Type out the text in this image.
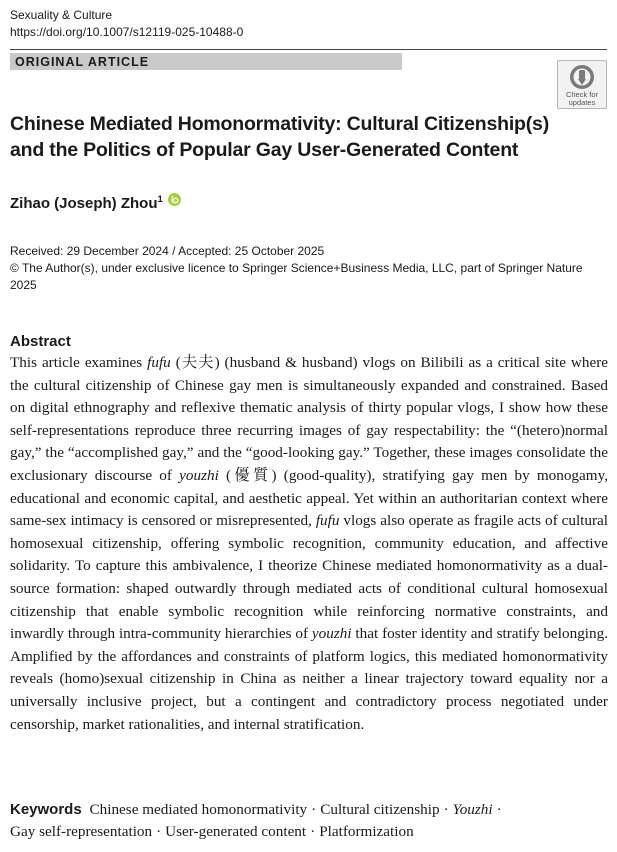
Sexuality & Culture
https://doi.org/10.1007/s12119-025-10488-0
ORIGINAL ARTICLE
Check for
updates
Chinese Mediated Homonormativity: Cultural Citizenship(s)
and the Politics of Popular Gay User-Generated Content
Zihao (Joseph) Zhou$^1$
Received: 29 December 2024 / Accepted: 25 October 2025
© The Author(s), under exclusive licence to Springer Science+Business Media, LLC, part of Springer Nature 2025
Abstract
This article examines fufu (夫夫) (husband & husband) vlogs on Bilibili as a critical site where the cultural citizenship of Chinese gay men is simultaneously expanded and constrained. Based on digital ethnography and reflexive thematic analysis of thirty popular vlogs, I show how these self-representations reproduce three recurring images of gay respectability: the “(hetero)normal gay,” the “accomplished gay,” and the “good-looking gay.” Together, these images consolidate the exclusionary discourse of youzhi (優質) (good-quality), stratifying gay men by monogamy, educational and economic capital, and aesthetic appeal. Yet within an authoritarian context where same-sex intimacy is censored or misrepresented, fufu vlogs also operate as fragile acts of cultural homosexual citizenship, offering symbolic recognition, community education, and affective solidarity. To capture this ambivalence, I theorize Chinese mediated homonormativity as a dual-source formation: shaped outwardly through mediated acts of conditional cultural homosexual citizenship that enable symbolic recognition while reinforcing normative constraints, and inwardly through intra-community hierarchies of youzhi that foster identity and stratify belonging. Amplified by the affordances and constraints of platform logics, this mediated homonormativity reveals (homo)sexual citizenship in China as neither a linear trajectory toward equality nor a universally inclusive project, but a contingent and contradictory process negotiated under censorship, market rationalities, and internal stratification.
Keywords Chinese mediated homonormativity · Cultural citizenship · Youzhi ·
Gay self-representation · User-generated content · Platformization
